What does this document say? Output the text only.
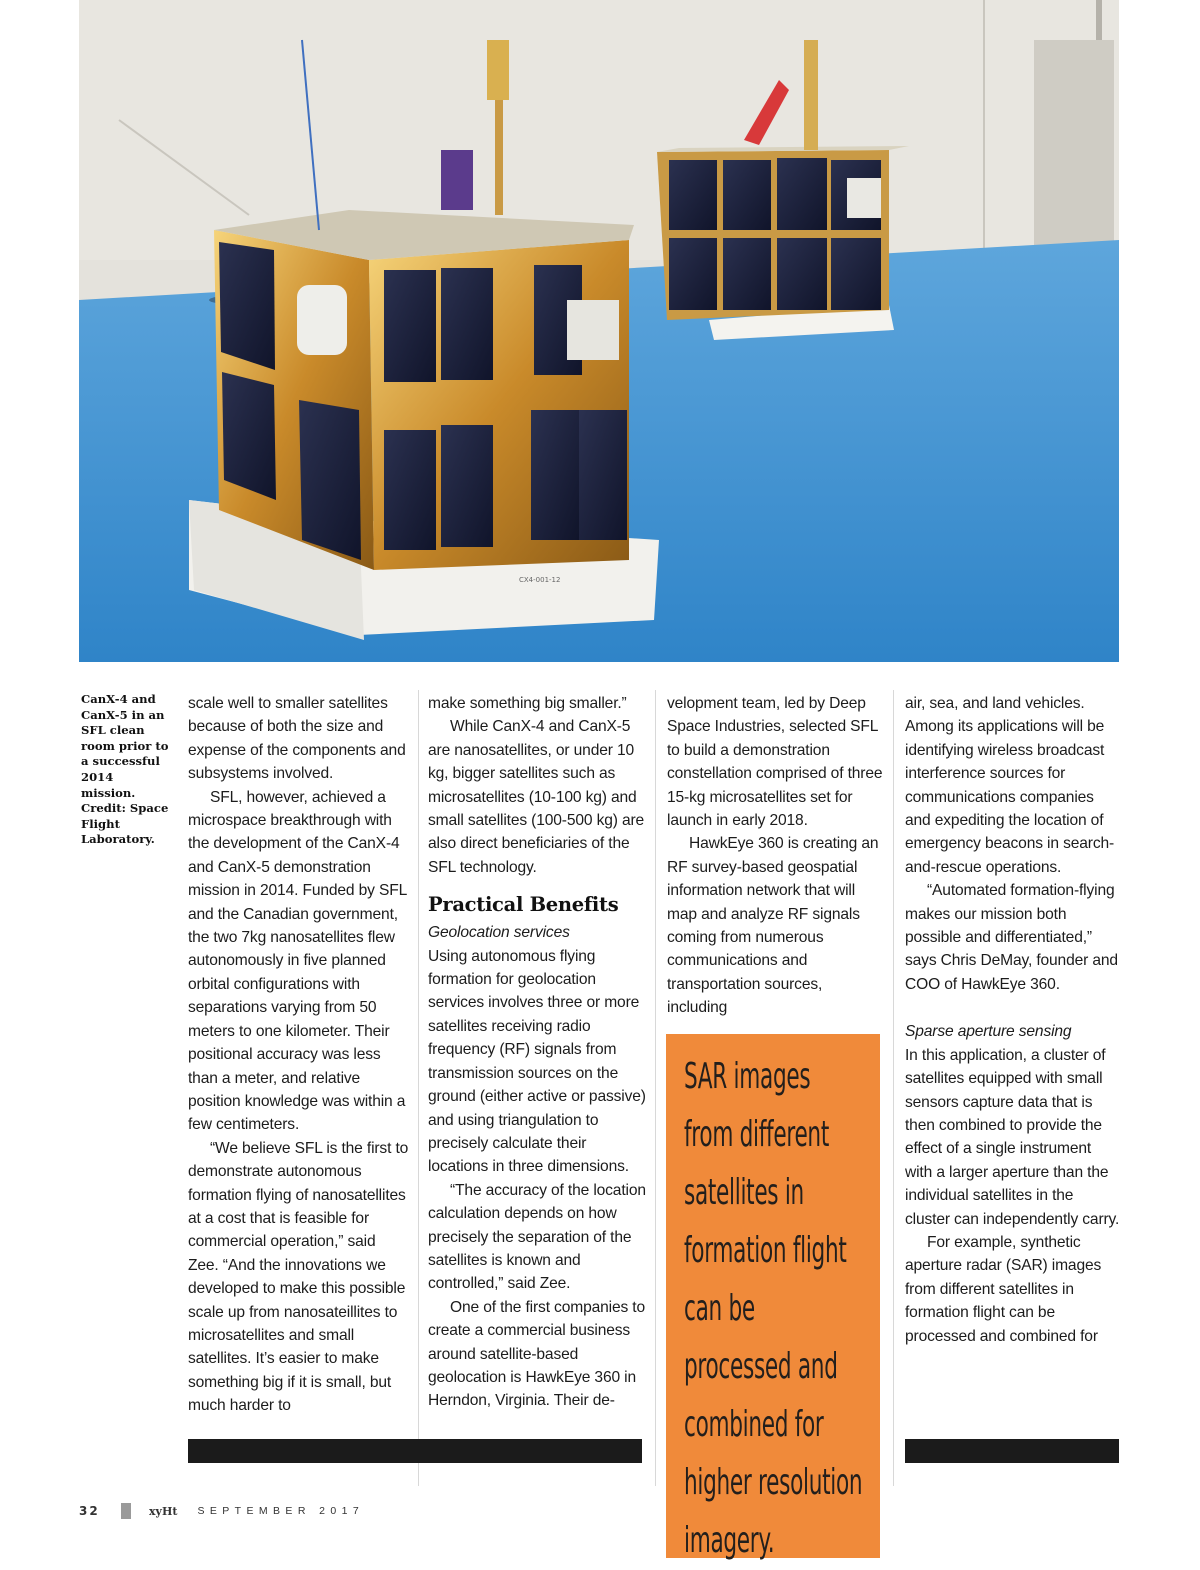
CX4-001-12
CanX-4 and CanX-5 in an SFL clean room prior to a successful 2014 mission. Credit: Space Flight Laboratory.

scale well to smaller satellites because of both the size and expense of the components and subsystems involved.

SFL, however, achieved a microspace breakthrough with the development of the CanX-4 and CanX-5 demonstration mission in 2014. Funded by SFL and the Canadian government, the two 7kg nanosatellites flew autonomously in five planned orbital configurations with separations varying from 50 meters to one kilometer. Their positional accuracy was less than a meter, and relative position knowledge was within a few centimeters.

“We believe SFL is the first to demonstrate autonomous formation flying of nanosatellites at a cost that is feasible for commercial operation,” said Zee. “And the innovations we developed to make this possible scale up from nanosateillites to microsatellites and small satellites. It’s easier to make something big if it is small, but much harder to

make something big smaller.”

While CanX-4 and CanX-5 are nanosatellites, or under 10 kg, bigger satellites such as microsatellites (10-100 kg) and small satellites (100-500 kg) are also direct beneficiaries of the SFL technology.

Practical Benefits

Geolocation services

Using autonomous flying formation for geolocation services involves three or more satellites receiving radio frequency (RF) signals from transmission sources on the ground (either active or passive) and using triangulation to precisely calculate their locations in three dimensions.

“The accuracy of the location calculation depends on how precisely the separation of the satellites is known and controlled,” said Zee.

One of the first companies to create a commercial business around satellite-based geolocation is HawkEye 360 in Herndon, Virginia. Their de-

velopment team, led by Deep Space Industries, selected SFL to build a demonstration constellation comprised of three 15-kg microsatellites set for launch in early 2018.

HawkEye 360 is creating an RF survey-based geospatial information network that will map and analyze RF signals coming from numerous communications and transportation sources, including

SAR images from different satellites in formation flight can be processed and combined for higher resolution imagery.

air, sea, and land vehicles. Among its applications will be identifying wireless broadcast interference sources for communications companies and expediting the location of emergency beacons in search-and-rescue operations.

“Automated formation-flying makes our mission both possible and differentiated,” says Chris DeMay, founder and COO of HawkEye 360.

Sparse aperture sensing

In this application, a cluster of satellites equipped with small sensors capture data that is then combined to provide the effect of a single instrument with a larger aperture than the individual satellites in the cluster can independently carry.

For example, synthetic aperture radar (SAR) images from different satellites in formation flight can be processed and combined for

32	xyHt SEPTEMBER 2017
